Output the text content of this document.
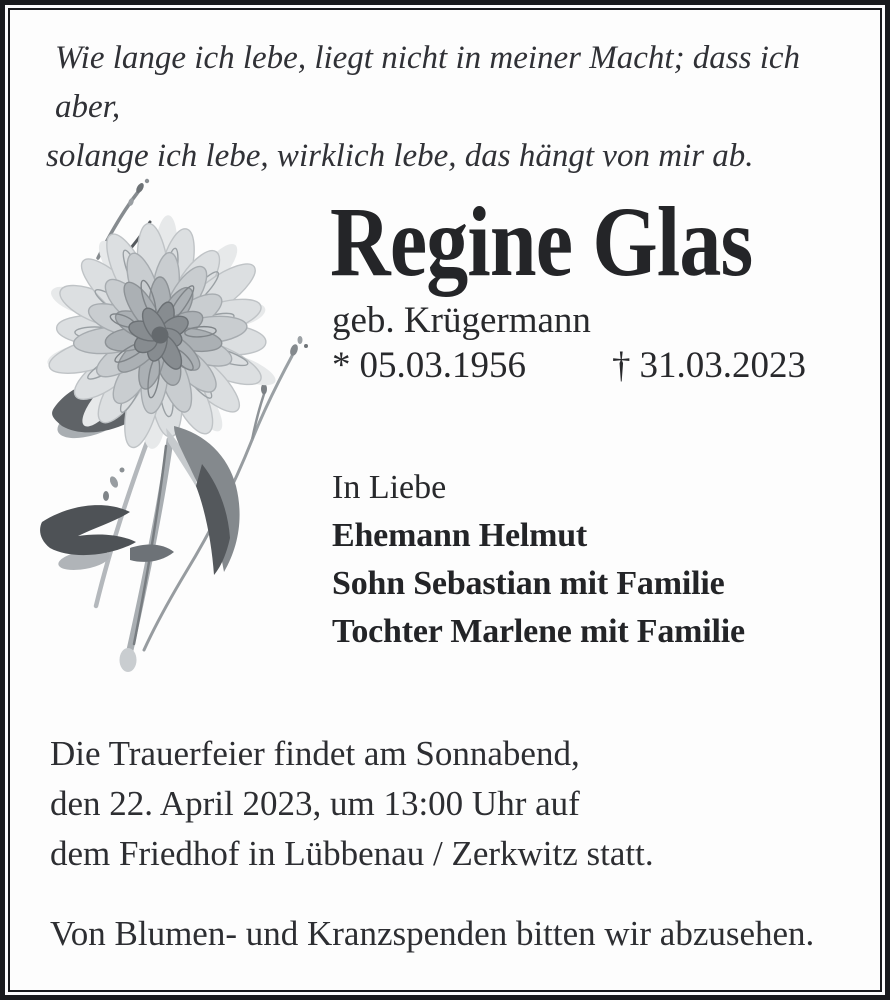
Wie lange ich lebe, liegt nicht in meiner Macht; dass ich aber,
solange ich lebe, wirklich lebe, das hängt von mir ab.
Regine Glas
geb. Krügermann
* 05.03.1956 † 31.03.2023
In Liebe
Ehemann Helmut
Sohn Sebastian mit Familie
Tochter Marlene mit Familie
Die Trauerfeier findet am Sonnabend,
den 22. April 2023, um 13:00 Uhr auf
dem Friedhof in Lübbenau / Zerkwitz statt.
Von Blumen- und Kranzspenden bitten wir abzusehen.
